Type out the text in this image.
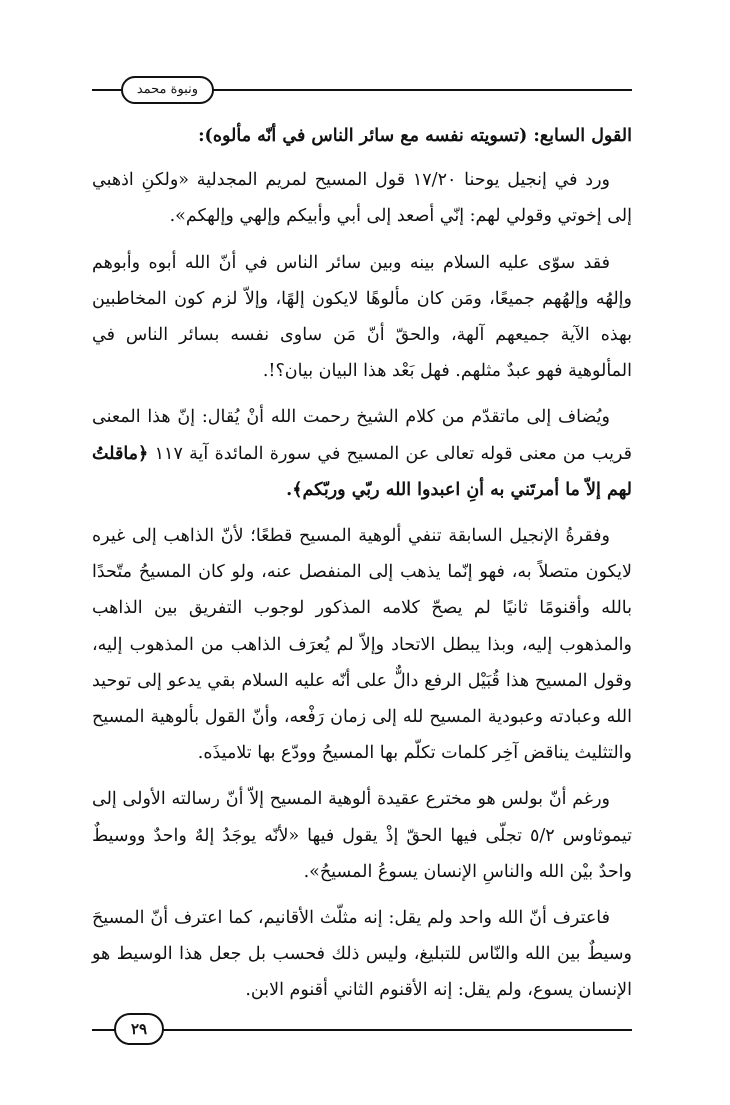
ونبوة محمد

القول السابع: (تسويته نفسه مع سائر الناس في أنّه مألوه):

ورد في إنجيل يوحنا ١٧/٢٠ قول المسيح لمريم المجدلية «ولكنِ اذهبي إلى إخوتي وقولي لهم: إنّي أصعد إلى أبي وأبيكم وإلهي وإلهكم».

فقد سوّى عليه السلام بينه وبين سائر الناس في أنّ الله أبوه وأبوهم وإلهُه وإلهُهم جميعًا، ومَن كان مألوهًا لايكون إلهًا، وإلاّ لزم كون المخاطبين بهذه الآية جميعهم آلهة، والحقّ أنّ مَن ساوى نفسه بسائر الناس في المألوهية فهو عبدٌ مثلهم. فهل بَعْد هذا البيان بيان؟!.

ويُضاف إلى ماتقدّم من كلام الشيخ رحمت الله أنْ يُقال: إنّ هذا المعنى قريب من معنى قوله تعالى عن المسيح في سورة المائدة آية ١١٧ ﴿ماقلتُ لهم إلاّ ما أمرتَني به أنِ اعبدوا الله ربّي وربّكم﴾.

وفقرةُ الإنجيل السابقة تنفي ألوهية المسيح قطعًا؛ لأنّ الذاهب إلى غيره لايكون متصلاً به، فهو إنّما يذهب إلى المنفصل عنه، ولو كان المسيحُ متّحدًا بالله وأقنومًا ثانيًا لم يصحّ كلامه المذكور لوجوب التفريق بين الذاهب والمذهوب إليه، وبذا يبطل الاتحاد وإلاّ لم يُعرَف الذاهب من المذهوب إليه، وقول المسيح هذا قُبَيْل الرفع دالٌّ على أنّه عليه السلام بقي يدعو إلى توحيد الله وعبادته وعبودية المسيح لله إلى زمان رَفْعه، وأنّ القول بألوهية المسيح والتثليث يناقض آخِر كلمات تكلّم بها المسيحُ وودّع بها تلاميذَه.

ورغم أنّ بولس هو مخترع عقيدة ألوهية المسيح إلاّ أنّ رسالته الأولى إلى تيموثاوس ٥/٢ تجلّى فيها الحقّ إذْ يقول فيها «لأنّه يوجَدُ إلهٌ واحدٌ ووسيطٌ واحدٌ بيْن الله والناسِ الإنسان يسوعُ المسيحُ».

فاعترف أنّ الله واحد ولم يقل: إنه مثلّث الأقانيم، كما اعترف أنّ المسيحَ وسيطٌ بين الله والنّاس للتبليغ، وليس ذلك فحسب بل جعل هذا الوسيط هو الإنسان يسوع، ولم يقل: إنه الأقنوم الثاني أقنوم الابن.

٢٩
